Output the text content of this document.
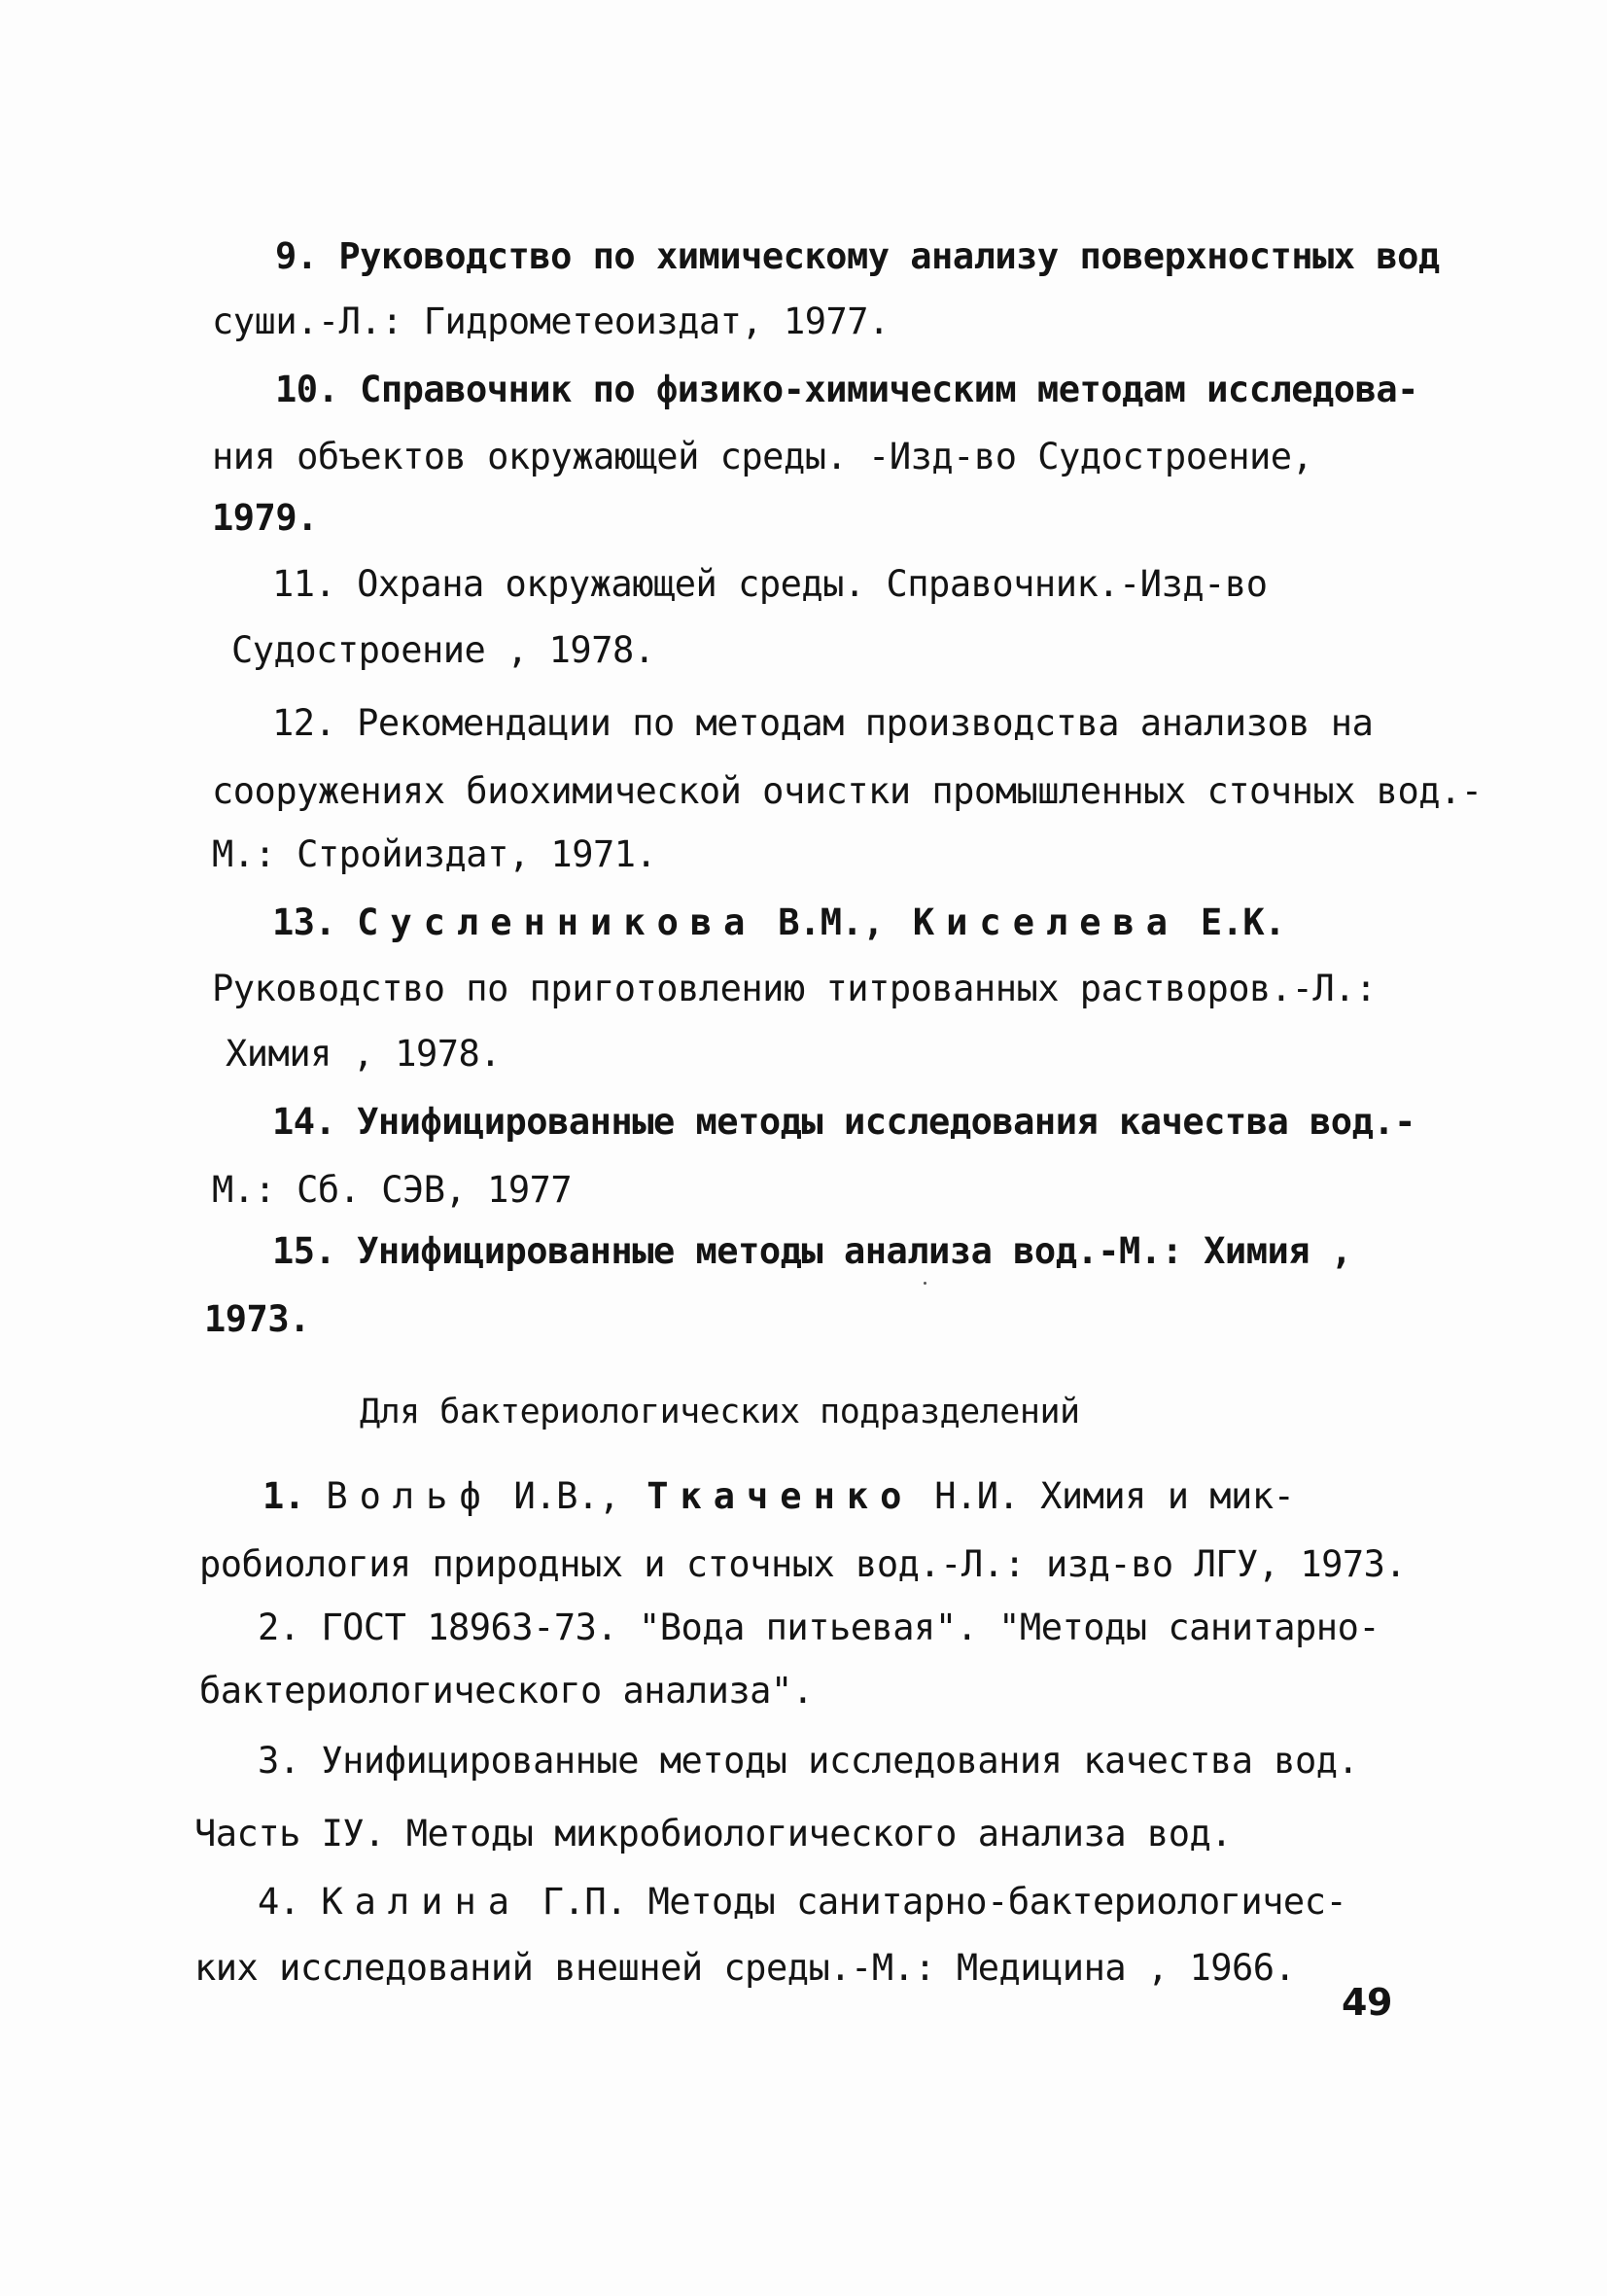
9. Руководство по химическому анализу поверхностных вод
суши.-Л.: Гидрометеоиздат, 1977.
10. Справочник по физико-химическим методам исследова-
ния объектов окружающей среды. -Изд-во Судостроение,
1979.
11. Охрана окружающей среды. Справочник.-Изд-во
Судостроение , 1978.
12. Рекомендации по методам производства анализов на
сооружениях биохимической очистки промышленных сточных вод.-
М.: Стройиздат, 1971.
13. Сусленникова В.М., Киселева Е.К.
Руководство по приготовлению титрованных растворов.-Л.:
Химия , 1978.
14. Унифицированные методы исследования качества вод.-
М.: Сб. СЭВ, 1977
15. Унифицированные методы анализа вод.-М.: Химия ,
1973.
Для бактериологических подразделений
1. Вольф И.В., Ткаченко Н.И. Химия и мик-
робиология природных и сточных вод.-Л.: изд-во ЛГУ, 1973.
2. ГОСТ 18963-73. "Вода питьевая". "Методы санитарно-
бактериологического анализа".
3. Унифицированные методы исследования качества вод.
Часть IУ. Методы микробиологического анализа вод.
4. Калина Г.П. Методы санитарно-бактериологичес-
ких исследований внешней среды.-М.: Медицина , 1966.
49
